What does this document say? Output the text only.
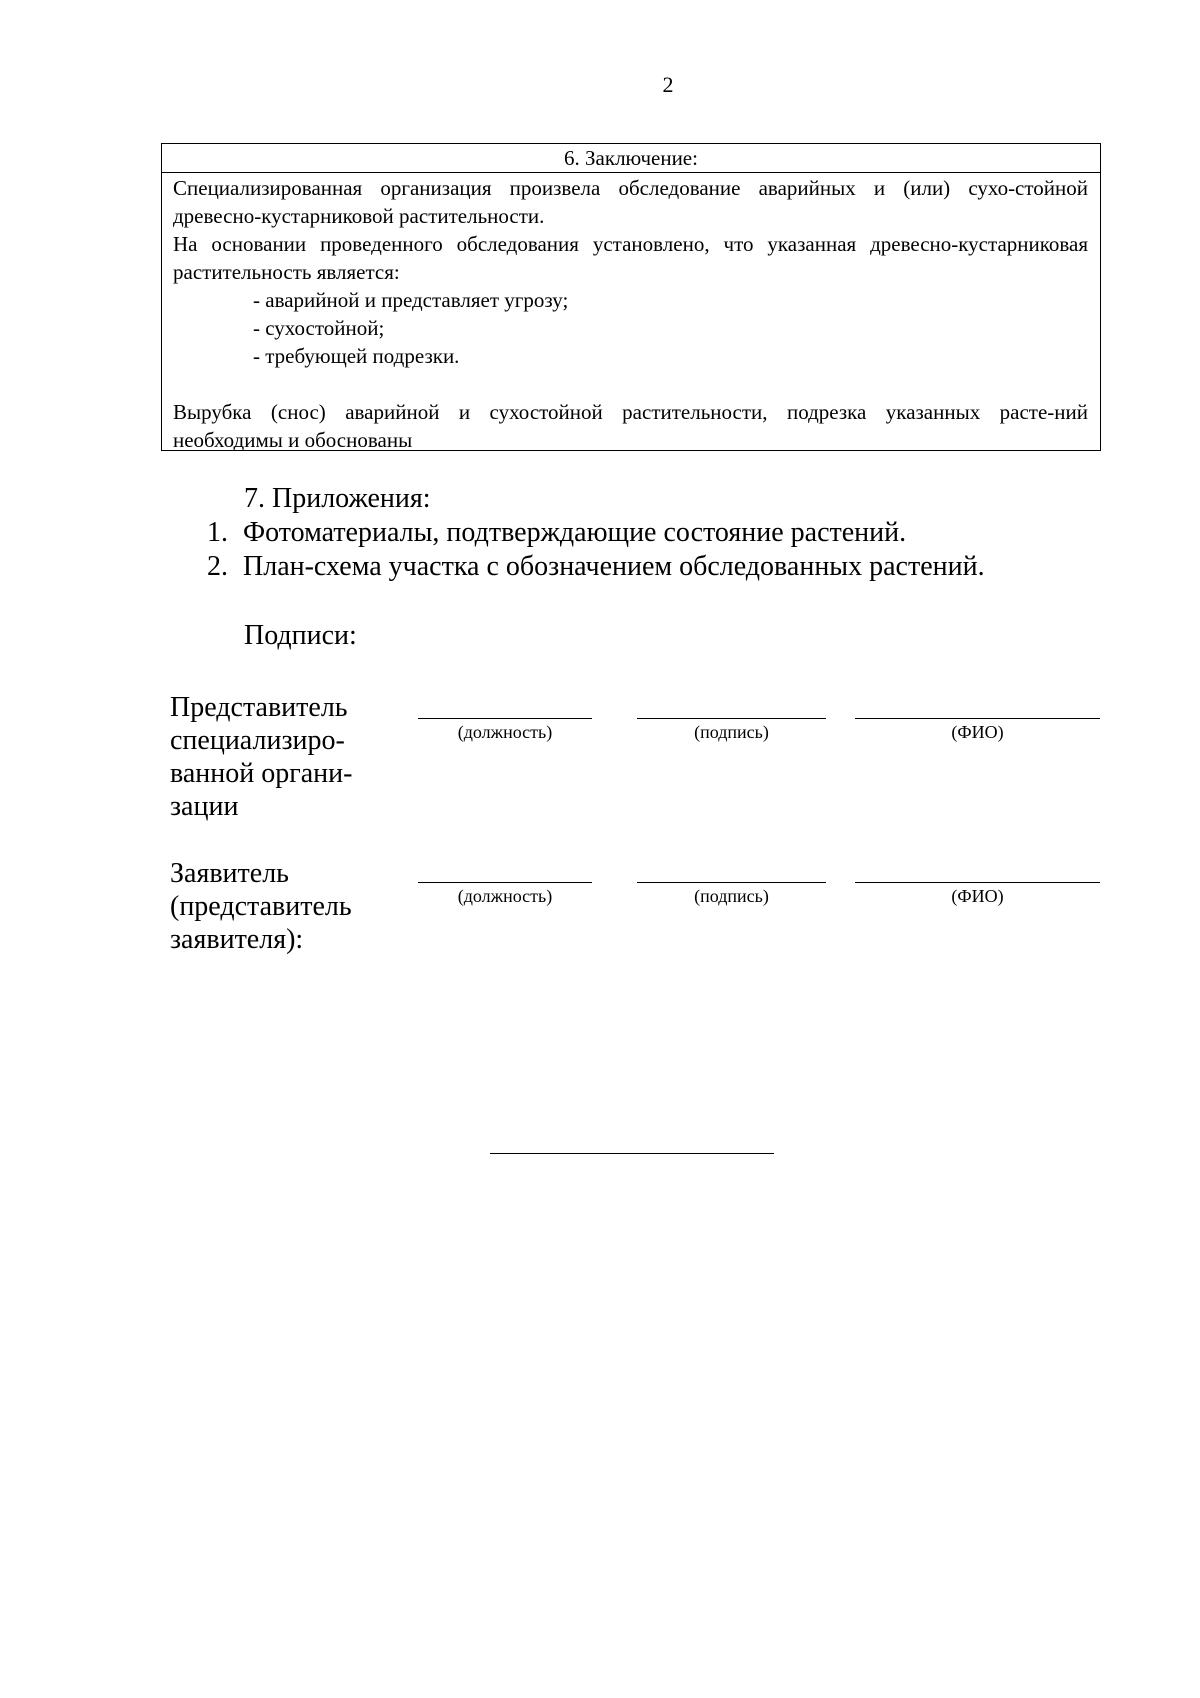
2
6. Заключение:
Специализированная организация произвела обследование аварийных и (или) сухо-стойной древесно-кустарниковой растительности.
На основании проведенного обследования установлено, что указанная древесно-кустарниковая растительность является:
- аварийной и представляет угрозу;
- сухостойной;
- требующей подрезки.
Вырубка (снос) аварийной и сухостойной растительности, подрезка указанных расте-ний необходимы и обоснованы
7. Приложения:
1. Фотоматериалы, подтверждающие состояние растений.
2. План-схема участка с обозначением обследованных растений.
Подписи:
Представитель специализиро-ванной органи-зации
(должность)	(подпись)	(ФИО)
Заявитель (представитель заявителя):
(должность)	(подпись)	(ФИО)
